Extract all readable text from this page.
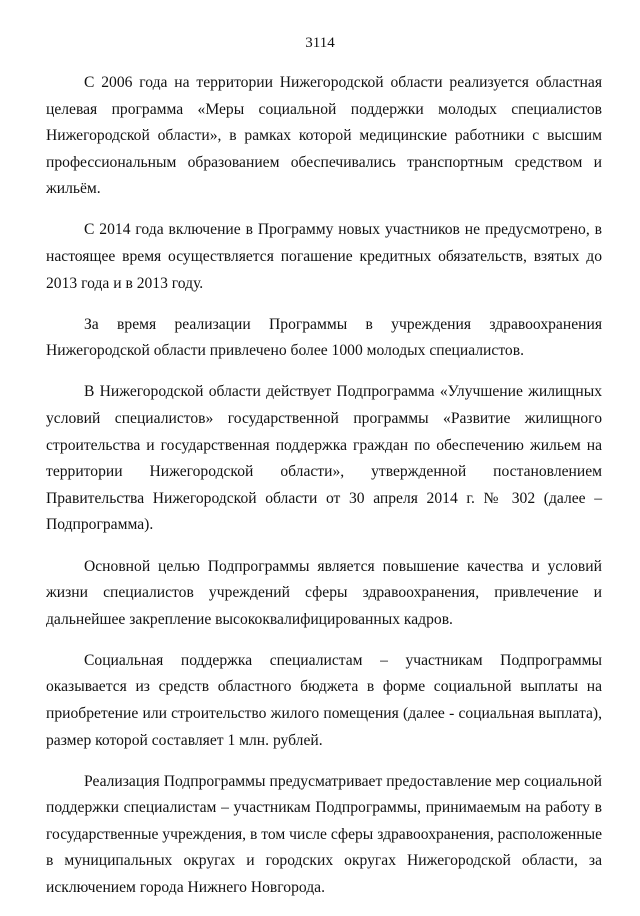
3114

С 2006 года на территории Нижегородской области реализуется областная целевая программа «Меры социальной поддержки молодых специалистов Нижегородской области», в рамках которой медицинские работники с высшим профессиональным образованием обеспечивались транспортным средством и жильём.

С 2014 года включение в Программу новых участников не предусмотрено, в настоящее время осуществляется погашение кредитных обязательств, взятых до 2013 года и в 2013 году.

За время реализации Программы в учреждения здравоохранения Нижегородской области привлечено более 1000 молодых специалистов.

В Нижегородской области действует Подпрограмма «Улучшение жилищных условий специалистов» государственной программы «Развитие жилищного строительства и государственная поддержка граждан по обеспечению жильем на территории Нижегородской области», утвержденной постановлением Правительства Нижегородской области от 30 апреля 2014 г. № 302 (далее – Подпрограмма).

Основной целью Подпрограммы является повышение качества и условий жизни специалистов учреждений сферы здравоохранения, привлечение и дальнейшее закрепление высококвалифицированных кадров.

Социальная поддержка специалистам – участникам Подпрограммы оказывается из средств областного бюджета в форме социальной выплаты на приобретение или строительство жилого помещения (далее - социальная выплата), размер которой составляет 1 млн. рублей.

Реализация Подпрограммы предусматривает предоставление мер социальной поддержки специалистам – участникам Подпрограммы, принимаемым на работу в государственные учреждения, в том числе сферы здравоохранения, расположенные в муниципальных округах и городских округах Нижегородской области, за исключением города Нижнего Новгорода.
